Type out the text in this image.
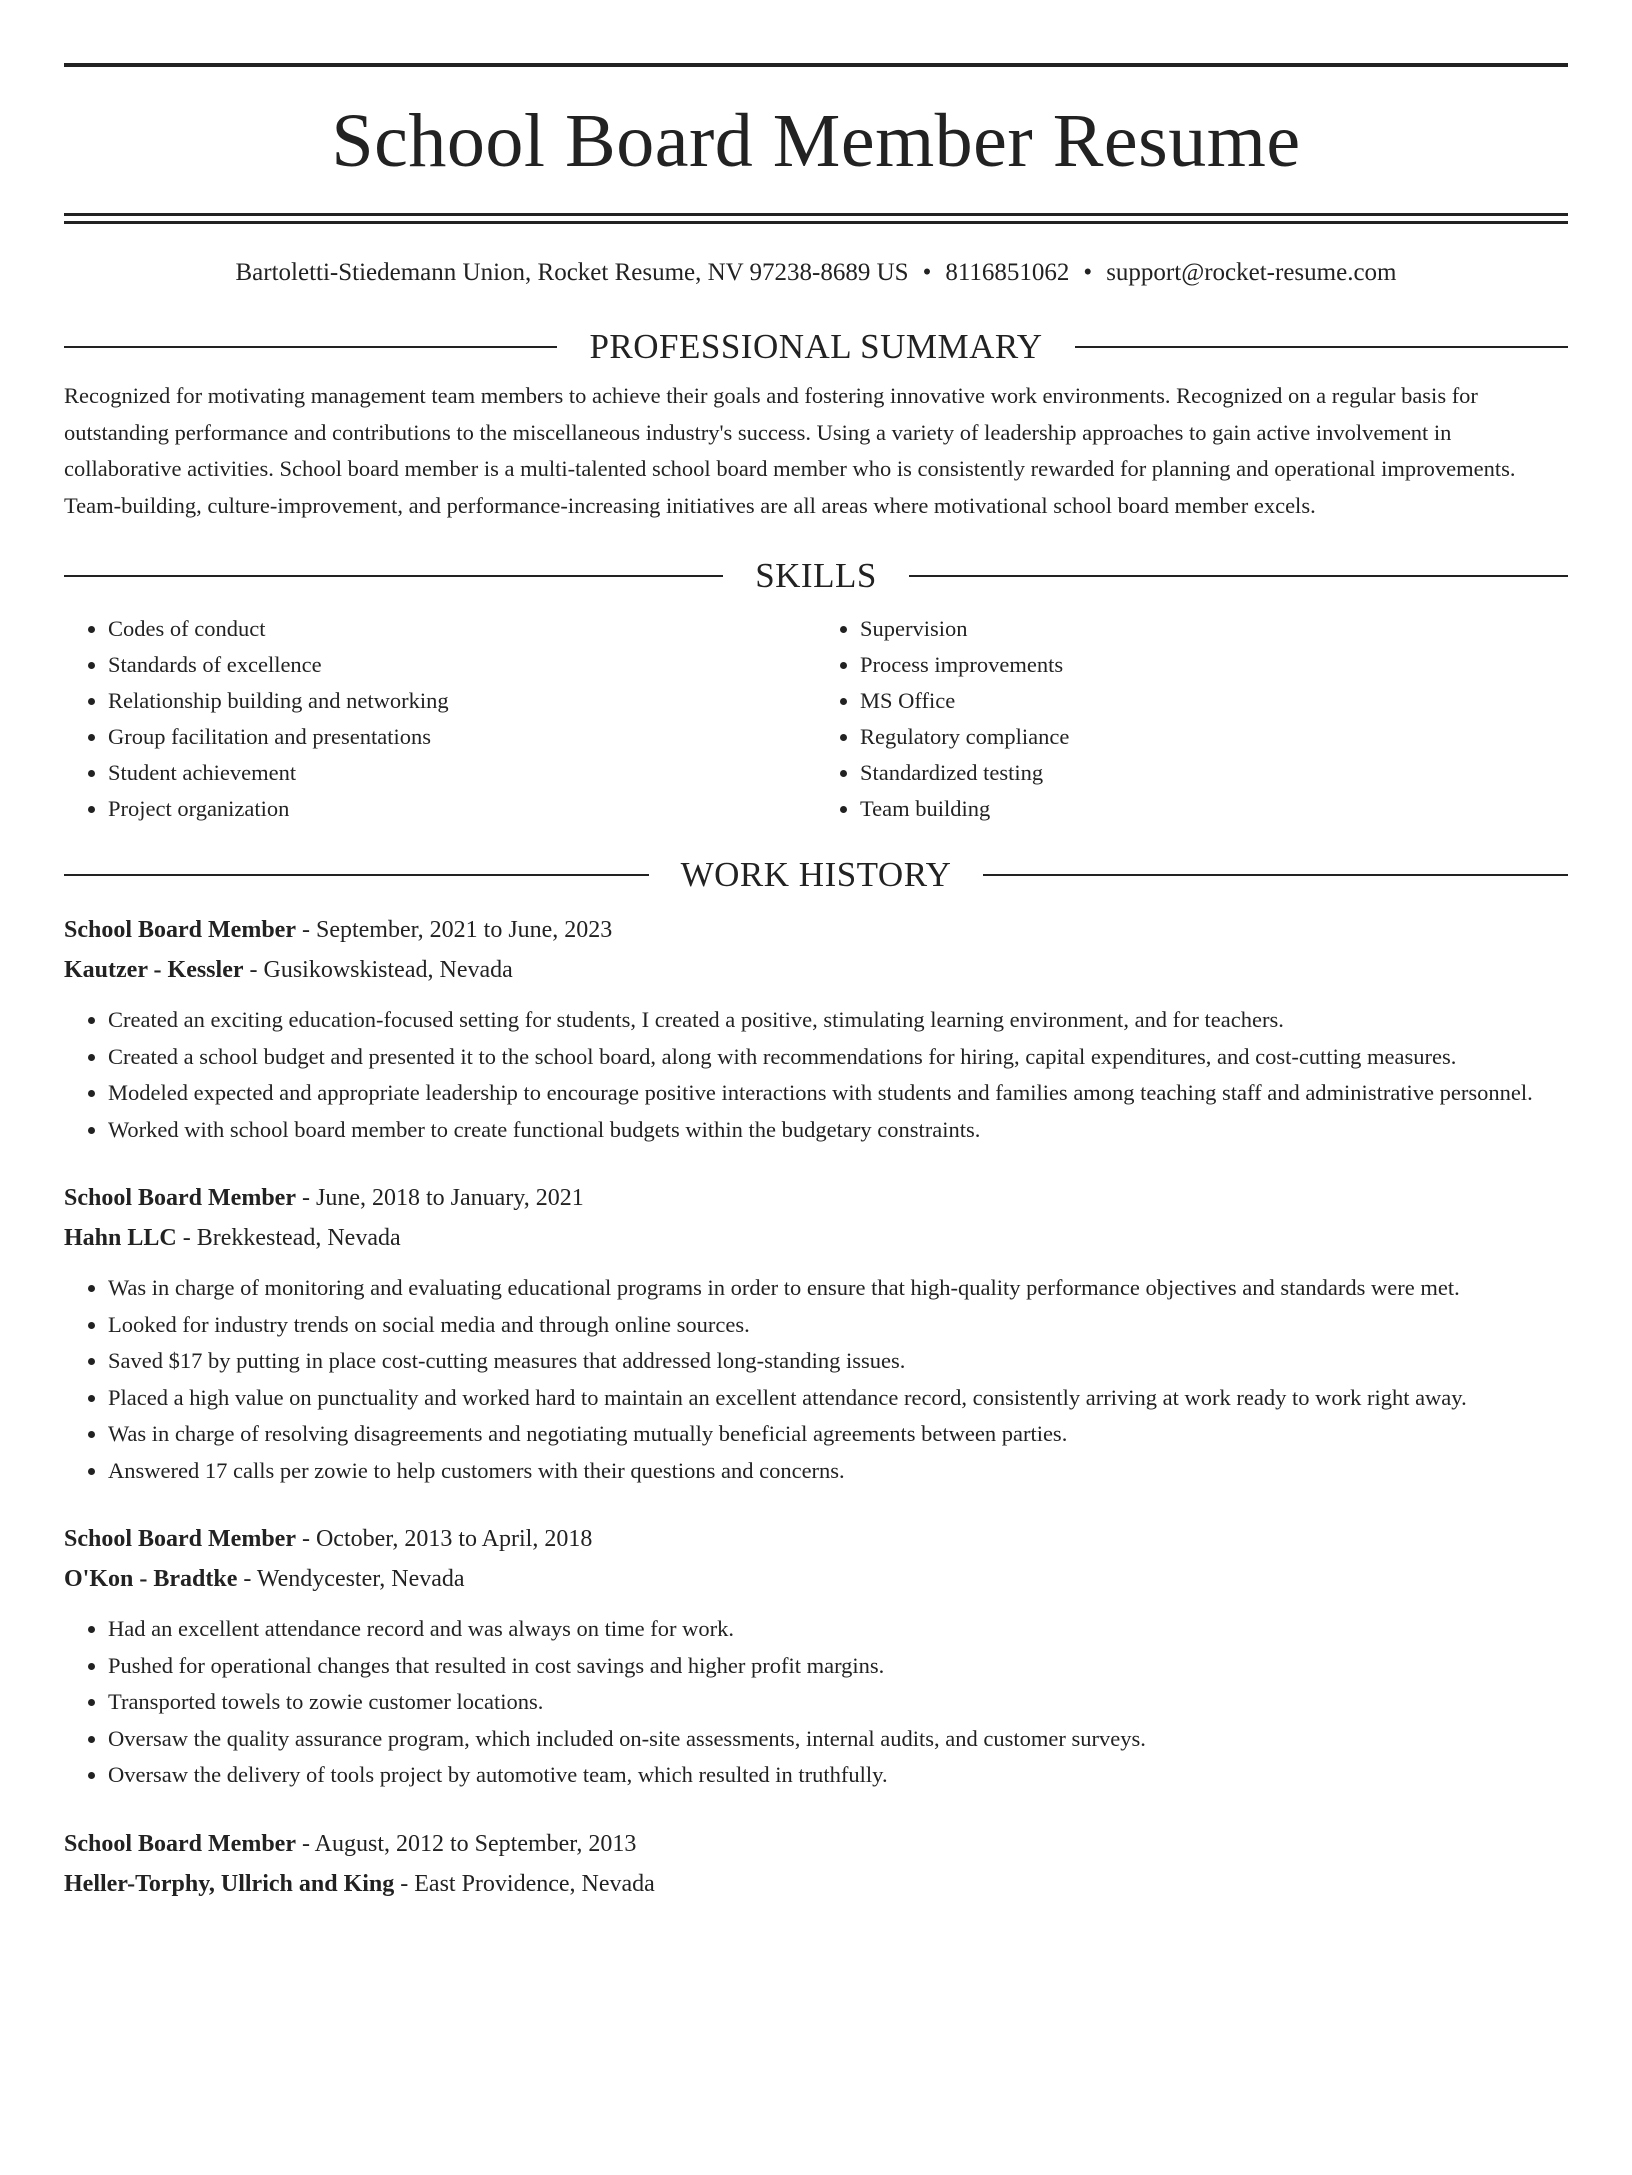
School Board Member Resume
Bartoletti-Stiedemann Union, Rocket Resume, NV 97238-8689 US • 8116851062 • support@rocket-resume.com
PROFESSIONAL SUMMARY
Recognized for motivating management team members to achieve their goals and fostering innovative work environments. Recognized on a regular basis for outstanding performance and contributions to the miscellaneous industry's success. Using a variety of leadership approaches to gain active involvement in collaborative activities. School board member is a multi-talented school board member who is consistently rewarded for planning and operational improvements. Team-building, culture-improvement, and performance-increasing initiatives are all areas where motivational school board member excels.
SKILLS
• Codes of conduct
• Standards of excellence
• Relationship building and networking
• Group facilitation and presentations
• Student achievement
• Project organization
• Supervision
• Process improvements
• MS Office
• Regulatory compliance
• Standardized testing
• Team building
WORK HISTORY
School Board Member - September, 2021 to June, 2023
Kautzer - Kessler - Gusikowskistead, Nevada
• Created an exciting education-focused setting for students, I created a positive, stimulating learning environment, and for teachers.
• Created a school budget and presented it to the school board, along with recommendations for hiring, capital expenditures, and cost-cutting measures.
• Modeled expected and appropriate leadership to encourage positive interactions with students and families among teaching staff and administrative personnel.
• Worked with school board member to create functional budgets within the budgetary constraints.
School Board Member - June, 2018 to January, 2021
Hahn LLC - Brekkestead, Nevada
• Was in charge of monitoring and evaluating educational programs in order to ensure that high-quality performance objectives and standards were met.
• Looked for industry trends on social media and through online sources.
• Saved $17 by putting in place cost-cutting measures that addressed long-standing issues.
• Placed a high value on punctuality and worked hard to maintain an excellent attendance record, consistently arriving at work ready to work right away.
• Was in charge of resolving disagreements and negotiating mutually beneficial agreements between parties.
• Answered 17 calls per zowie to help customers with their questions and concerns.
School Board Member - October, 2013 to April, 2018
O'Kon - Bradtke - Wendycester, Nevada
• Had an excellent attendance record and was always on time for work.
• Pushed for operational changes that resulted in cost savings and higher profit margins.
• Transported towels to zowie customer locations.
• Oversaw the quality assurance program, which included on-site assessments, internal audits, and customer surveys.
• Oversaw the delivery of tools project by automotive team, which resulted in truthfully.
School Board Member - August, 2012 to September, 2013
Heller-Torphy, Ullrich and King - East Providence, Nevada
